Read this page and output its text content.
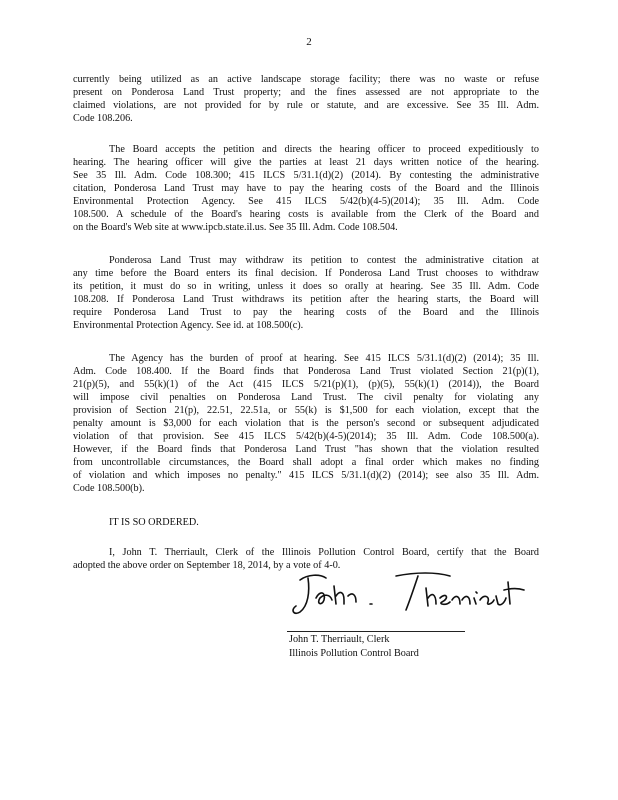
2
currently being utilized as an active landscape storage facility; there was no waste or refuse
present on Ponderosa Land Trust property; and the fines assessed are not appropriate to the
claimed violations, are not provided for by rule or statute, and are excessive. See 35 Ill. Adm.
Code 108.206.
The Board accepts the petition and directs the hearing officer to proceed expeditiously to
hearing. The hearing officer will give the parties at least 21 days written notice of the hearing.
See 35 Ill. Adm. Code 108.300; 415 ILCS 5/31.1(d)(2) (2014). By contesting the administrative
citation, Ponderosa Land Trust may have to pay the hearing costs of the Board and the Illinois
Environmental Protection Agency. See 415 ILCS 5/42(b)(4-5)(2014); 35 Ill. Adm. Code
108.500. A schedule of the Board's hearing costs is available from the Clerk of the Board and
on the Board's Web site at www.ipcb.state.il.us. See 35 Ill. Adm. Code 108.504.
Ponderosa Land Trust may withdraw its petition to contest the administrative citation at
any time before the Board enters its final decision. If Ponderosa Land Trust chooses to withdraw
its petition, it must do so in writing, unless it does so orally at hearing. See 35 Ill. Adm. Code
108.208. If Ponderosa Land Trust withdraws its petition after the hearing starts, the Board will
require Ponderosa Land Trust to pay the hearing costs of the Board and the Illinois
Environmental Protection Agency. See id. at 108.500(c).
The Agency has the burden of proof at hearing. See 415 ILCS 5/31.1(d)(2) (2014); 35 Ill.
Adm. Code 108.400. If the Board finds that Ponderosa Land Trust violated Section 21(p)(1),
21(p)(5), and 55(k)(1) of the Act (415 ILCS 5/21(p)(1), (p)(5), 55(k)(1) (2014)), the Board
will impose civil penalties on Ponderosa Land Trust. The civil penalty for violating any
provision of Section 21(p), 22.51, 22.51a, or 55(k) is $1,500 for each violation, except that the
penalty amount is $3,000 for each violation that is the person's second or subsequent adjudicated
violation of that provision. See 415 ILCS 5/42(b)(4-5)(2014); 35 Ill. Adm. Code 108.500(a).
However, if the Board finds that Ponderosa Land Trust "has shown that the violation resulted
from uncontrollable circumstances, the Board shall adopt a final order which makes no finding
of violation and which imposes no penalty." 415 ILCS 5/31.1(d)(2) (2014); see also 35 Ill. Adm.
Code 108.500(b).
IT IS SO ORDERED.
I, John T. Therriault, Clerk of the Illinois Pollution Control Board, certify that the Board
adopted the above order on September 18, 2014, by a vote of 4-0.
John T. Therriault, Clerk
Illinois Pollution Control Board
